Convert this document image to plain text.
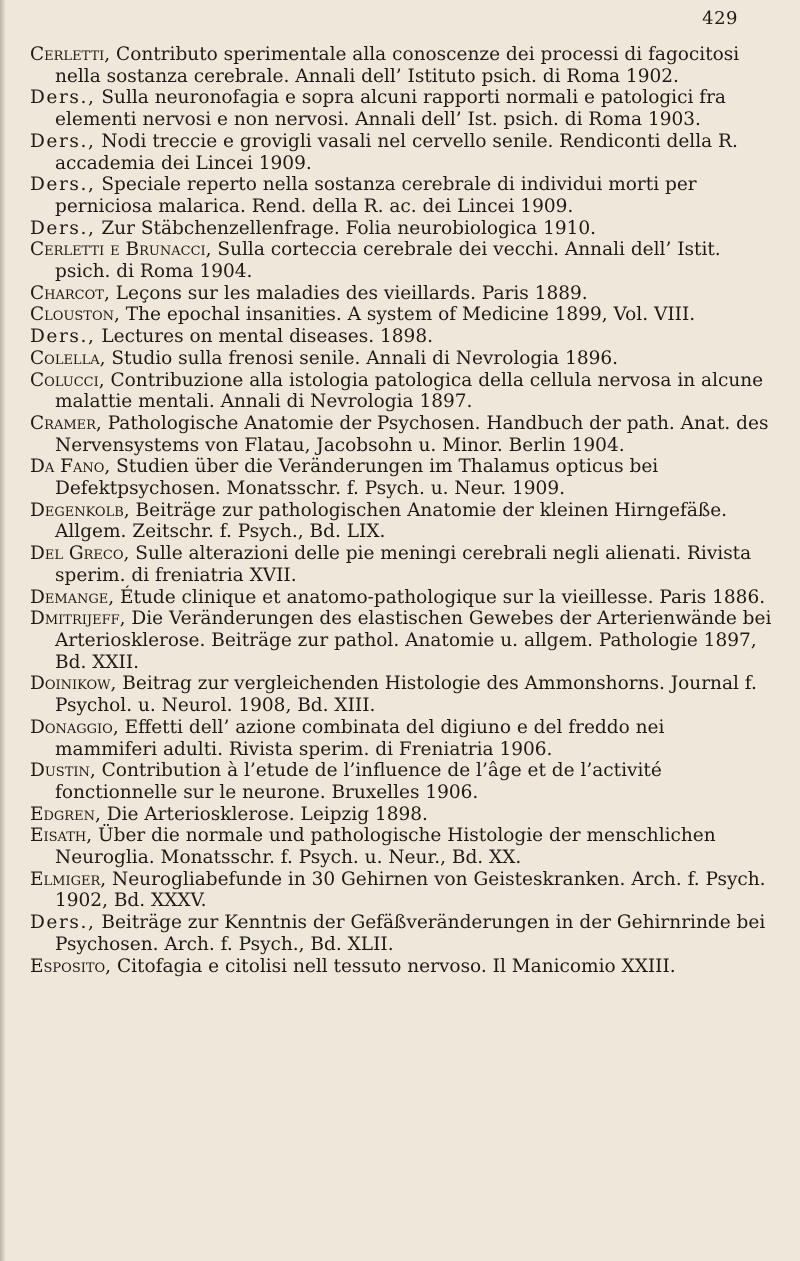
429
Cerletti, Contributo sperimentale alla conoscenze dei processi di fagocitosi nella sostanza cerebrale. Annali dell’ Istituto psich. di Roma 1902.
Ders., Sulla neuronofagia e sopra alcuni rapporti normali e patologici fra elementi nervosi e non nervosi. Annali dell’ Ist. psich. di Roma 1903.
Ders., Nodi treccie e grovigli vasali nel cervello senile. Rendiconti della R. accademia dei Lincei 1909.
Ders., Speciale reperto nella sostanza cerebrale di individui morti per perniciosa malarica. Rend. della R. ac. dei Lincei 1909.
Ders., Zur Stäbchenzellenfrage. Folia neurobiologica 1910.
Cerletti e Brunacci, Sulla corteccia cerebrale dei vecchi. Annali dell’ Istit. psich. di Roma 1904.
Charcot, Leçons sur les maladies des vieillards. Paris 1889.
Clouston, The epochal insanities. A system of Medicine 1899, Vol. VIII.
Ders., Lectures on mental diseases. 1898.
Colella, Studio sulla frenosi senile. Annali di Nevrologia 1896.
Colucci, Contribuzione alla istologia patologica della cellula nervosa in alcune malattie mentali. Annali di Nevrologia 1897.
Cramer, Pathologische Anatomie der Psychosen. Handbuch der path. Anat. des Nervensystems von Flatau, Jacobsohn u. Minor. Berlin 1904.
Da Fano, Studien über die Veränderungen im Thalamus opticus bei Defektpsychosen. Monatsschr. f. Psych. u. Neur. 1909.
Degenkolb, Beiträge zur pathologischen Anatomie der kleinen Hirngefäße. Allgem. Zeitschr. f. Psych., Bd. LIX.
Del Greco, Sulle alterazioni delle pie meningi cerebrali negli alienati. Rivista sperim. di freniatria XVII.
Demange, Étude clinique et anatomo-pathologique sur la vieillesse. Paris 1886.
Dmitrijeff, Die Veränderungen des elastischen Gewebes der Arterienwände bei Arteriosklerose. Beiträge zur pathol. Anatomie u. allgem. Pathologie 1897, Bd. XXII.
Doinikow, Beitrag zur vergleichenden Histologie des Ammonshorns. Journal f. Psychol. u. Neurol. 1908, Bd. XIII.
Donaggio, Effetti dell’ azione combinata del digiuno e del freddo nei mammiferi adulti. Rivista sperim. di Freniatria 1906.
Dustin, Contribution à l’etude de l’influence de l’âge et de l’activité fonctionnelle sur le neurone. Bruxelles 1906.
Edgren, Die Arteriosklerose. Leipzig 1898.
Eisath, Über die normale und pathologische Histologie der menschlichen Neuroglia. Monatsschr. f. Psych. u. Neur., Bd. XX.
Elmiger, Neurogliabefunde in 30 Gehirnen von Geisteskranken. Arch. f. Psych. 1902, Bd. XXXV.
Ders., Beiträge zur Kenntnis der Gefäßveränderungen in der Gehirnrinde bei Psychosen. Arch. f. Psych., Bd. XLII.
Esposito, Citofagia e citolisi nell tessuto nervoso. Il Manicomio XXIII.
